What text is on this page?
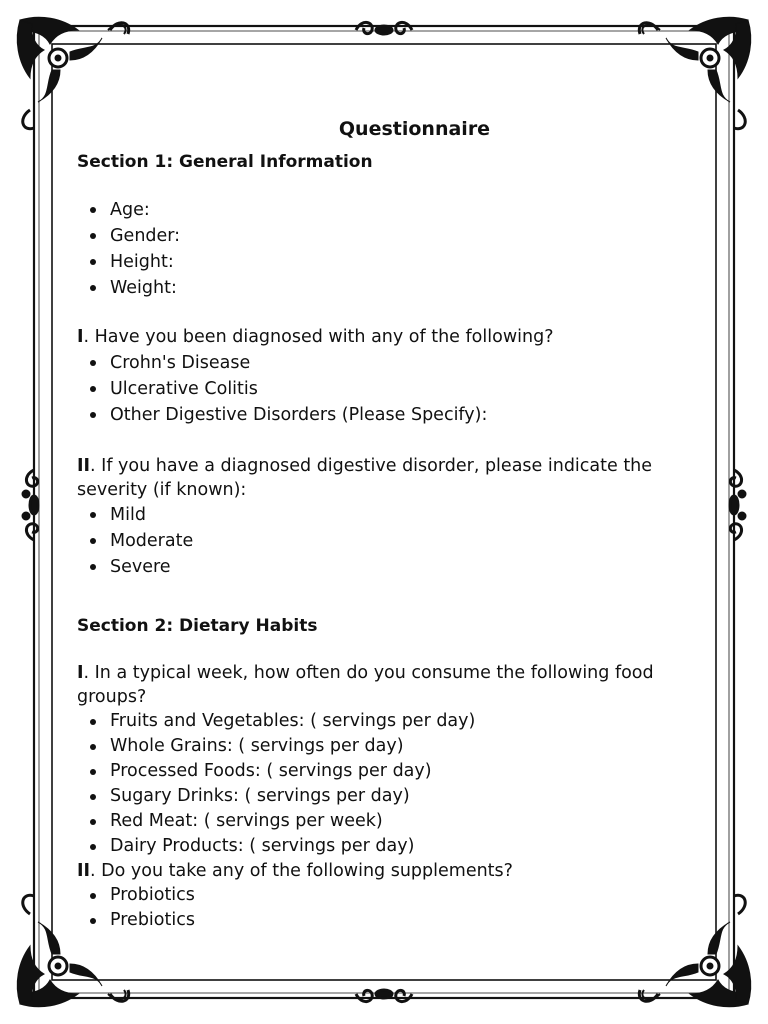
Questionnaire
Section 1: General Information
Age:
Gender:
Height:
Weight:

I. Have you been diagnosed with any of the following?

Crohn's Disease
Ulcerative Colitis
Other Digestive Disorders (Please Specify):

II. If you have a diagnosed digestive disorder, please indicate the severity (if known):

Mild
Moderate
Severe
Section 2: Dietary Habits

I. In a typical week, how often do you consume the following food groups?

Fruits and Vegetables: ( servings per day)
Whole Grains: ( servings per day)
Processed Foods: ( servings per day)
Sugary Drinks: ( servings per day)
Red Meat: ( servings per week)
Dairy Products: ( servings per day)

II. Do you take any of the following supplements?

Probiotics
Prebiotics
